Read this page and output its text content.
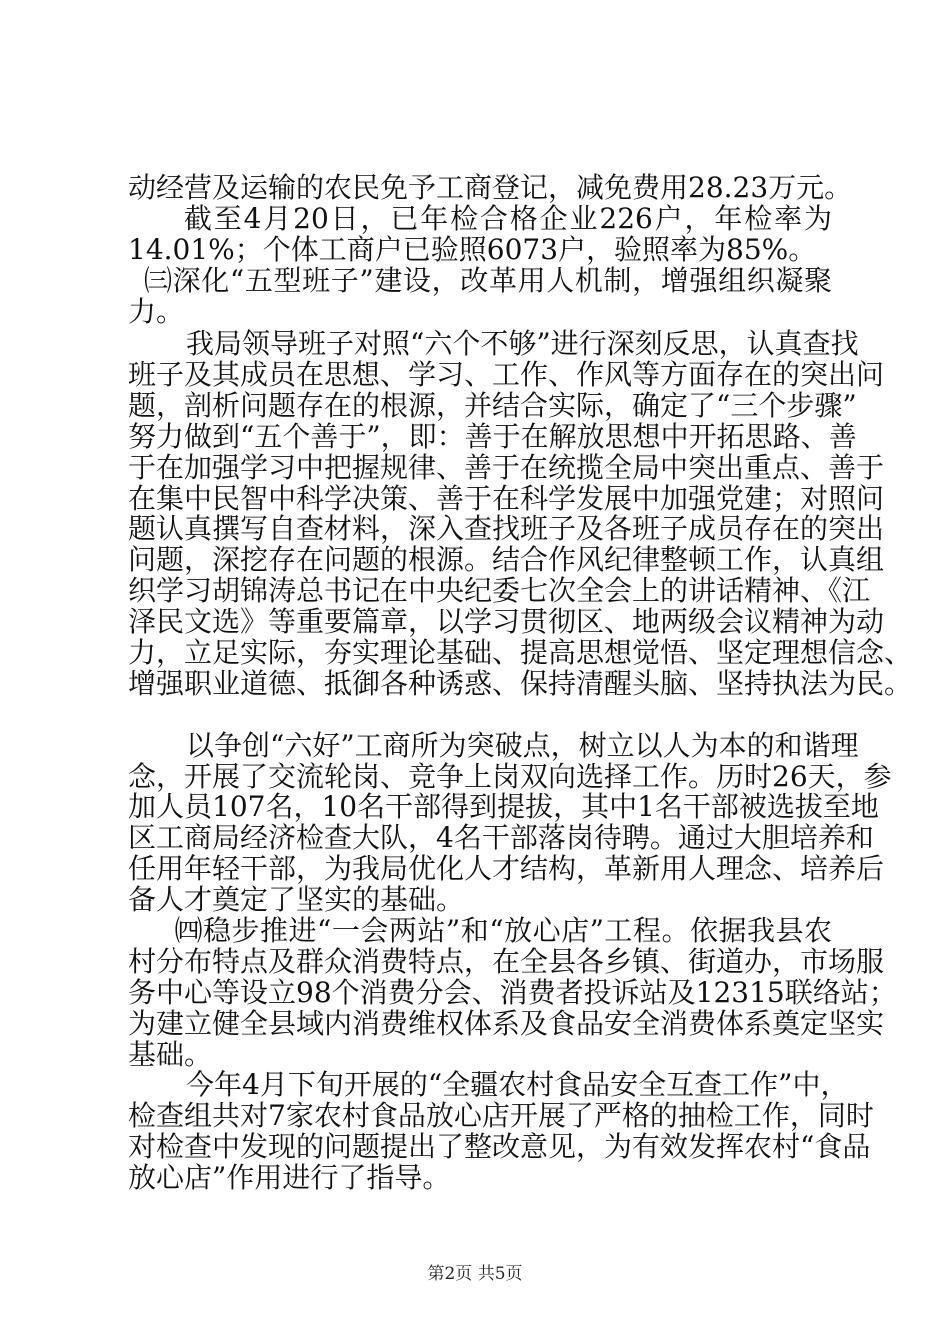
动经营及运输的农民免予工商登记，减免费用28.23万元。
　截至4月20日，已年检合格企业226户，年检率为
14.01%；个体工商户已验照6073户，验照率为85%。
㈢深化“五型班子”建设，改革用人机制，增强组织凝聚
力。
　我局领导班子对照“六个不够”进行深刻反思，认真查找
班子及其成员在思想、学习、工作、作风等方面存在的突出问
题，剖析问题存在的根源，并结合实际，确定了“三个步骤”
努力做到“五个善于”，即：善于在解放思想中开拓思路、善
于在加强学习中把握规律、善于在统揽全局中突出重点、善于
在集中民智中科学决策、善于在科学发展中加强党建；对照问
题认真撰写自查材料，深入查找班子及各班子成员存在的突出
问题，深挖存在问题的根源。结合作风纪律整顿工作，认真组
织学习胡锦涛总书记在中央纪委七次全会上的讲话精神、《江
泽民文选》等重要篇章，以学习贯彻区、地两级会议精神为动
力，立足实际，夯实理论基础、提高思想觉悟、坚定理想信念、
增强职业道德、抵御各种诱惑、保持清醒头脑、坚持执法为民。
　以争创“六好”工商所为突破点，树立以人为本的和谐理
念，开展了交流轮岗、竞争上岗双向选择工作。历时26天，参
加人员107名，10名干部得到提拔，其中1名干部被选拔至地
区工商局经济检查大队，4名干部落岗待聘。通过大胆培养和
任用年轻干部，为我局优化人才结构，革新用人理念、培养后
备人才奠定了坚实的基础。
　㈣稳步推进“一会两站”和“放心店”工程。依据我县农
村分布特点及群众消费特点，在全县各乡镇、街道办，市场服
务中心等设立98个消费分会、消费者投诉站及12315联络站；
为建立健全县域内消费维权体系及食品安全消费体系奠定坚实
基础。
　今年4月下旬开展的“全疆农村食品安全互查工作”中，
检查组共对7家农村食品放心店开展了严格的抽检工作，同时
对检查中发现的问题提出了整改意见，为有效发挥农村“食品
放心店”作用进行了指导。
第2页 共5页
